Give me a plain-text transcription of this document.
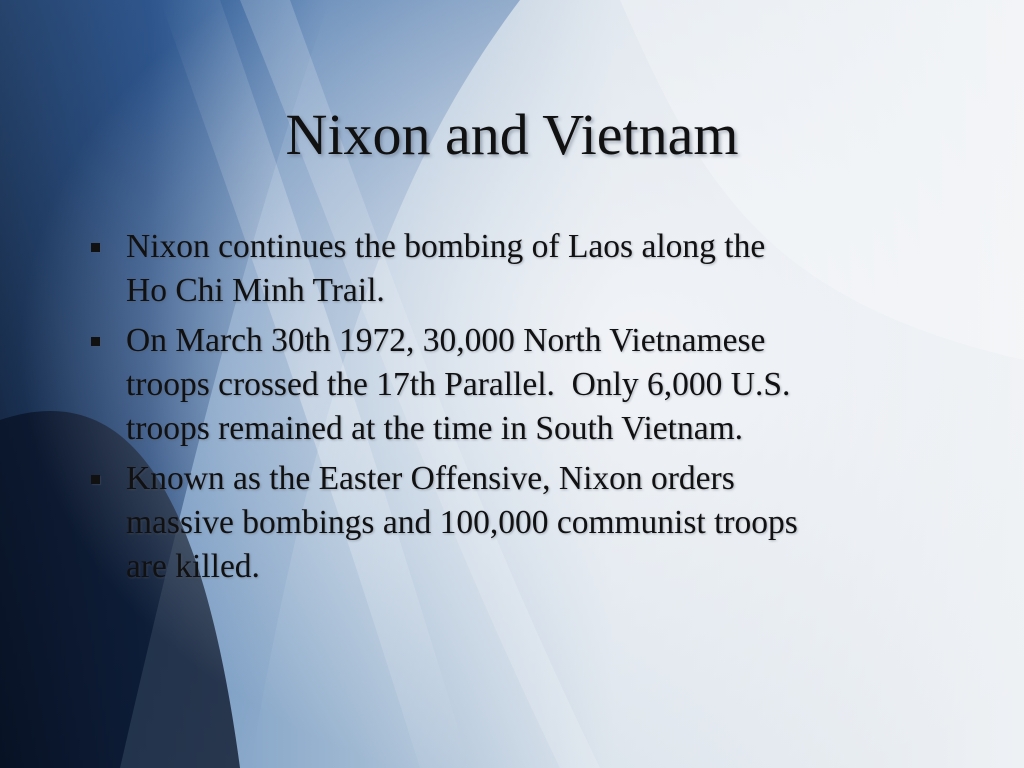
Nixon and Vietnam
Nixon continues the bombing of Laos along the
Ho Chi Minh Trail.
On March 30th 1972, 30,000 North Vietnamese
troops crossed the 17th Parallel.  Only 6,000 U.S.
troops remained at the time in South Vietnam.
Known as the Easter Offensive, Nixon orders
massive bombings and 100,000 communist troops
are killed.
